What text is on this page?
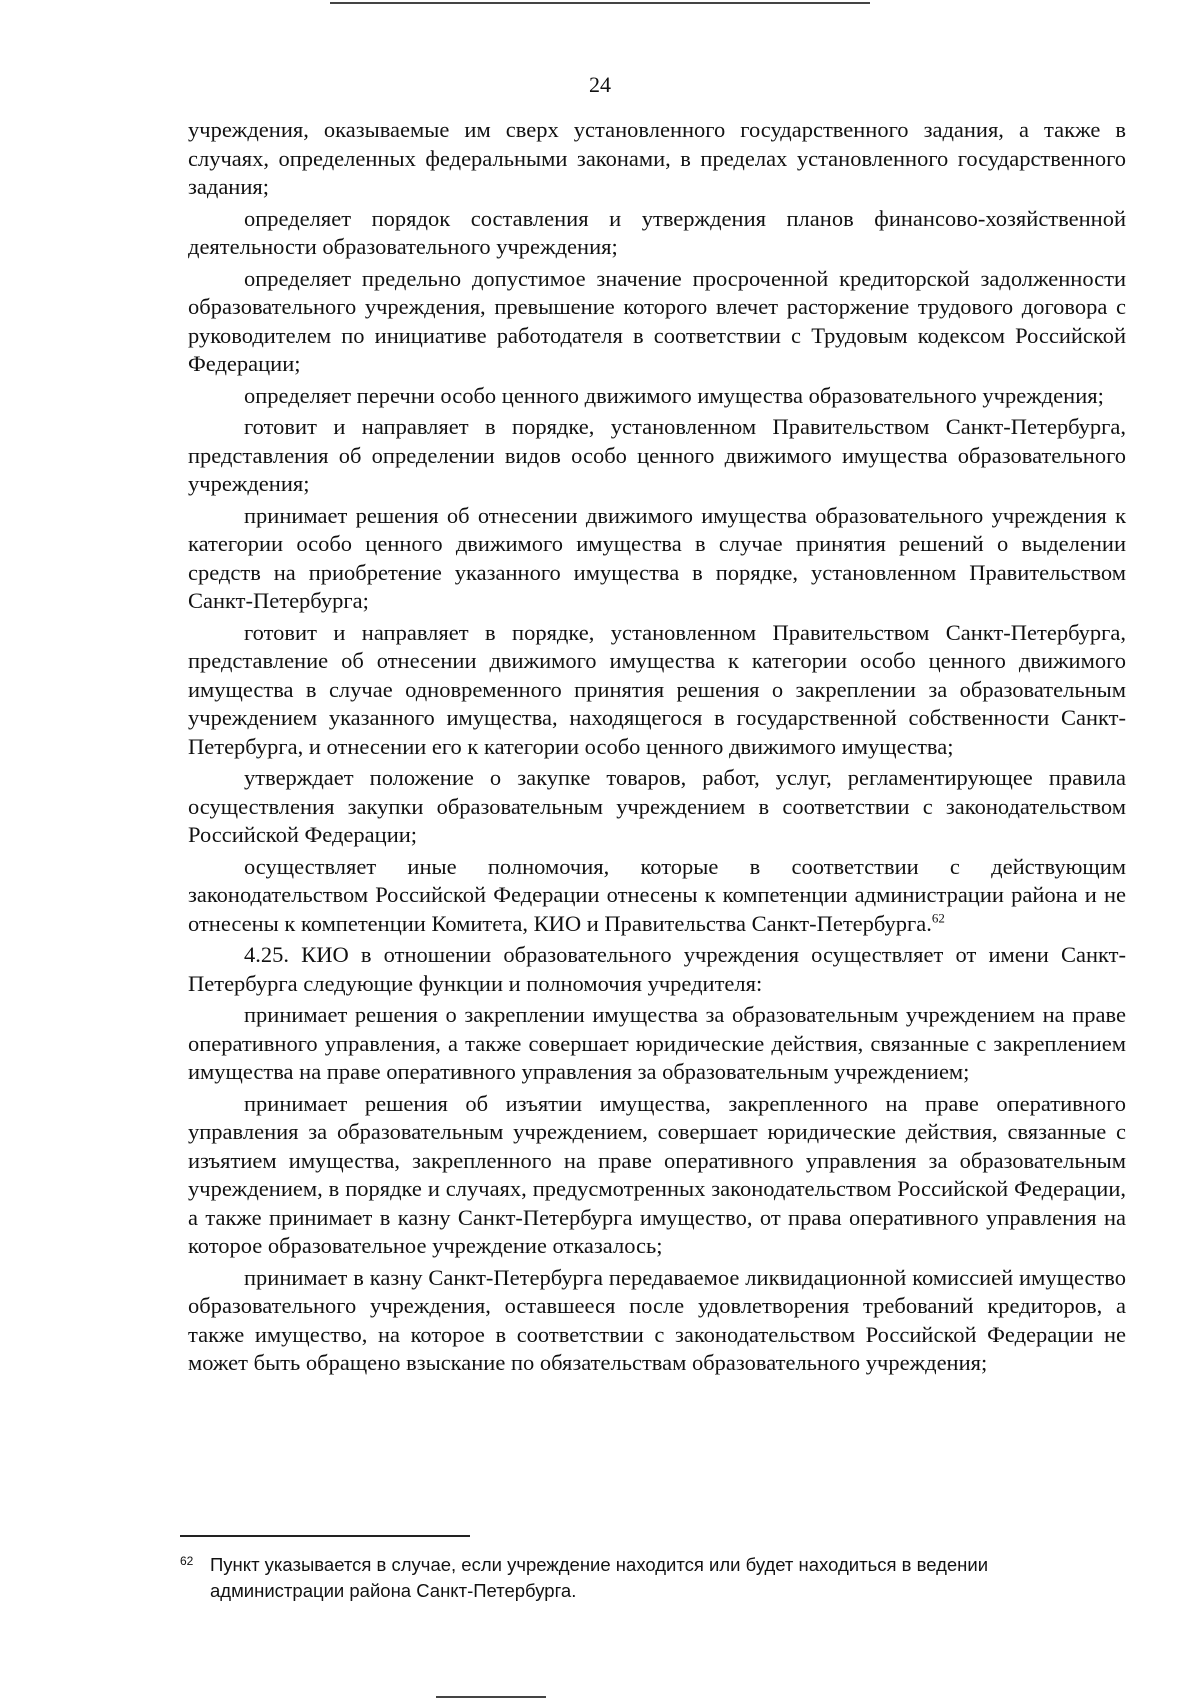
24

учреждения, оказываемые им сверх установленного государственного задания, а также в случаях, определенных федеральными законами, в пределах установленного государственного задания;

определяет порядок составления и утверждения планов финансово-хозяйственной деятельности образовательного учреждения;

определяет предельно допустимое значение просроченной кредиторской задолженности образовательного учреждения, превышение которого влечет расторжение трудового договора с руководителем по инициативе работодателя в соответствии с Трудовым кодексом Российской Федерации;

определяет перечни особо ценного движимого имущества образовательного учреждения;

готовит и направляет в порядке, установленном Правительством Санкт-Петербурга, представления об определении видов особо ценного движимого имущества образовательного учреждения;

принимает решения об отнесении движимого имущества образовательного учреждения к категории особо ценного движимого имущества в случае принятия решений о выделении средств на приобретение указанного имущества в порядке, установленном Правительством Санкт-Петербурга;

готовит и направляет в порядке, установленном Правительством Санкт-Петербурга, представление об отнесении движимого имущества к категории особо ценного движимого имущества в случае одновременного принятия решения о закреплении за образовательным учреждением указанного имущества, находящегося в государственной собственности Санкт-Петербурга, и отнесении его к категории особо ценного движимого имущества;

утверждает положение о закупке товаров, работ, услуг, регламентирующее правила осуществления закупки образовательным учреждением в соответствии с законодательством Российской Федерации;

осуществляет иные полномочия, которые в соответствии с действующим законодательством Российской Федерации отнесены к компетенции администрации района и не отнесены к компетенции Комитета, КИО и Правительства Санкт-Петербурга.$^{62}$

4.25. КИО в отношении образовательного учреждения осуществляет от имени Санкт-Петербурга следующие функции и полномочия учредителя:

принимает решения о закреплении имущества за образовательным учреждением на праве оперативного управления, а также совершает юридические действия, связанные с закреплением имущества на праве оперативного управления за образовательным учреждением;

принимает решения об изъятии имущества, закрепленного на праве оперативного управления за образовательным учреждением, совершает юридические действия, связанные с изъятием имущества, закрепленного на праве оперативного управления за образовательным учреждением, в порядке и случаях, предусмотренных законодательством Российской Федерации, а также принимает в казну Санкт-Петербурга имущество, от права оперативного управления на которое образовательное учреждение отказалось;

принимает в казну Санкт-Петербурга передаваемое ликвидационной комиссией имущество образовательного учреждения, оставшееся после удовлетворения требований кредиторов, а также имущество, на которое в соответствии с законодательством Российской Федерации не может быть обращено взыскание по обязательствам образовательного учреждения;

$^{62}$ Пункт указывается в случае, если учреждение находится или будет находиться в ведении администрации района Санкт-Петербурга.
